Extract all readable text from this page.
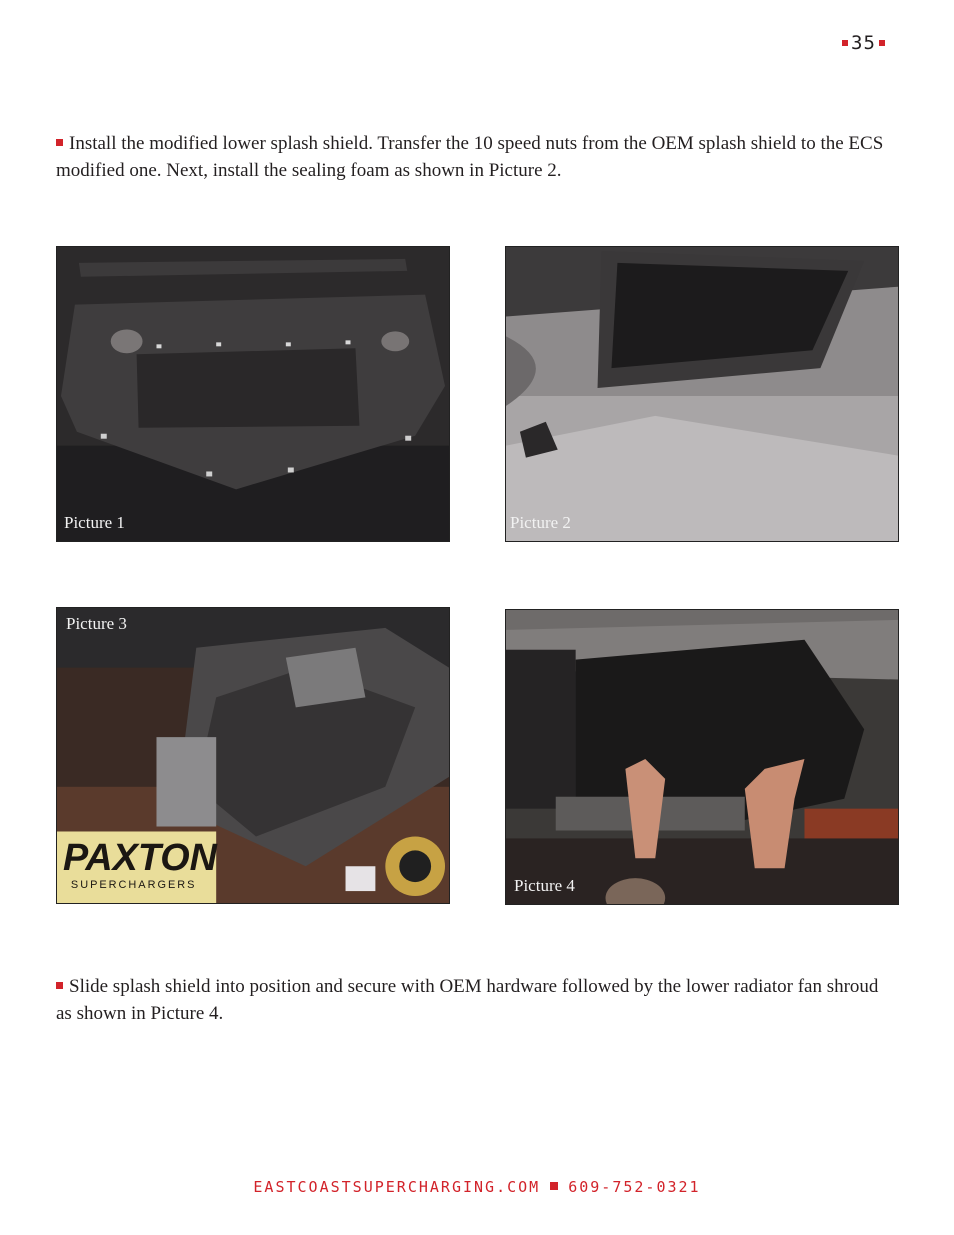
35
Install the modified lower splash shield. Transfer the 10 speed nuts from the OEM splash shield to the ECS modified one. Next, install the sealing foam as shown in Picture 2.
Picture 1	Picture 2
PAXTON
SUPERCHARGERS
Picture 3
Picture 4
Slide splash shield into position and secure with OEM hardware followed by the lower radiator fan shroud as shown in Picture 4.
EASTCOASTSUPERCHARGING.COM 609-752-0321
